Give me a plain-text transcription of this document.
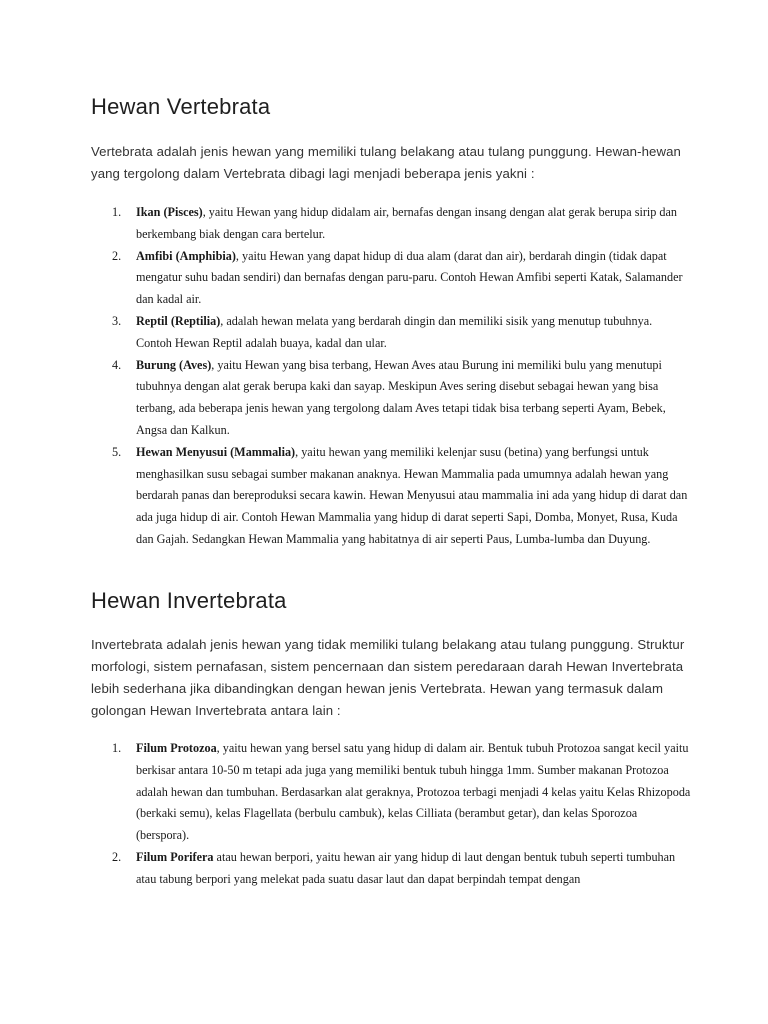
Hewan Vertebrata

Vertebrata adalah jenis hewan yang memiliki tulang belakang atau tulang punggung. Hewan-hewan yang tergolong dalam Vertebrata dibagi lagi menjadi beberapa jenis yakni :

1. Ikan (Pisces), yaitu Hewan yang hidup didalam air, bernafas dengan insang dengan alat gerak berupa sirip dan berkembang biak dengan cara bertelur.
2. Amfibi (Amphibia), yaitu Hewan yang dapat hidup di dua alam (darat dan air), berdarah dingin (tidak dapat mengatur suhu badan sendiri) dan bernafas dengan paru-paru. Contoh Hewan Amfibi seperti Katak, Salamander dan kadal air.
3. Reptil (Reptilia), adalah hewan melata yang berdarah dingin dan memiliki sisik yang menutup tubuhnya. Contoh Hewan Reptil adalah buaya, kadal dan ular.
4. Burung (Aves), yaitu Hewan yang bisa terbang, Hewan Aves atau Burung ini memiliki bulu yang menutupi tubuhnya dengan alat gerak berupa kaki dan sayap. Meskipun Aves sering disebut sebagai hewan yang bisa terbang, ada beberapa jenis hewan yang tergolong dalam Aves tetapi tidak bisa terbang seperti Ayam, Bebek, Angsa dan Kalkun.
5. Hewan Menyusui (Mammalia), yaitu hewan yang memiliki kelenjar susu (betina) yang berfungsi untuk menghasilkan susu sebagai sumber makanan anaknya. Hewan Mammalia pada umumnya adalah hewan yang berdarah panas dan bereproduksi secara kawin. Hewan Menyusui atau mammalia ini ada yang hidup di darat dan ada juga hidup di air. Contoh Hewan Mammalia yang hidup di darat seperti Sapi, Domba, Monyet, Rusa, Kuda dan Gajah. Sedangkan Hewan Mammalia yang habitatnya di air seperti Paus, Lumba-lumba dan Duyung.
Hewan Invertebrata

Invertebrata adalah jenis hewan yang tidak memiliki tulang belakang atau tulang punggung. Struktur morfologi, sistem pernafasan, sistem pencernaan dan sistem peredaraan darah Hewan Invertebrata lebih sederhana jika dibandingkan dengan hewan jenis Vertebrata. Hewan yang termasuk dalam golongan Hewan Invertebrata antara lain :

1. Filum Protozoa, yaitu hewan yang bersel satu yang hidup di dalam air. Bentuk tubuh Protozoa sangat kecil yaitu berkisar antara 10-50 m tetapi ada juga yang memiliki bentuk tubuh hingga 1mm. Sumber makanan Protozoa adalah hewan dan tumbuhan. Berdasarkan alat geraknya, Protozoa terbagi menjadi 4 kelas yaitu Kelas Rhizopoda (berkaki semu), kelas Flagellata (berbulu cambuk), kelas Cilliata (berambut getar), dan kelas Sporozoa (berspora).
2. Filum Porifera atau hewan berpori, yaitu hewan air yang hidup di laut dengan bentuk tubuh seperti tumbuhan atau tabung berpori yang melekat pada suatu dasar laut dan dapat berpindah tempat dengan
